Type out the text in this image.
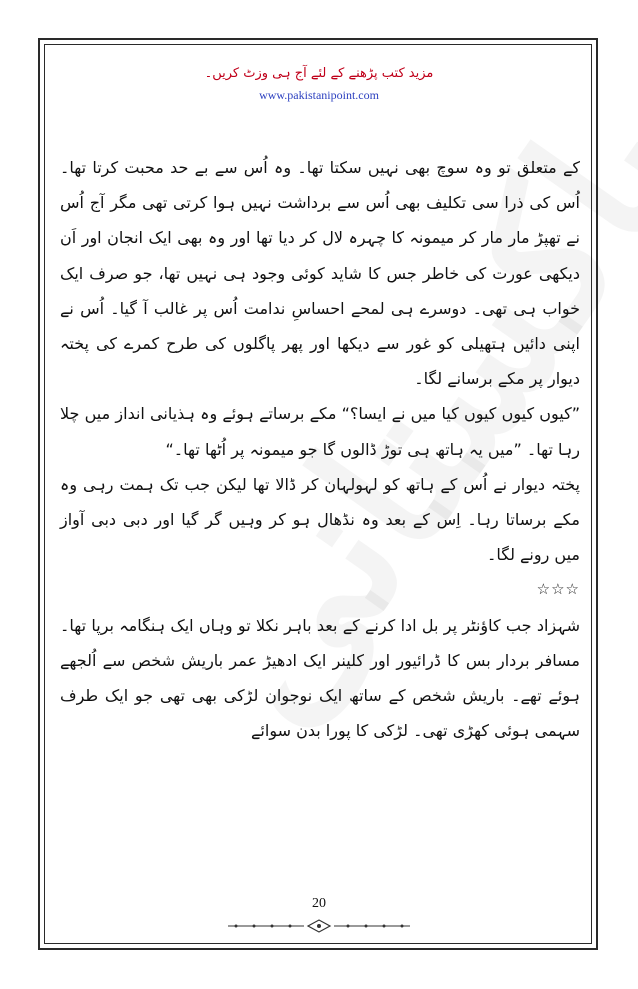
مزید کتب پڑھنے کے لئے آج ہی وزٹ کریں۔
www.pakistanipoint.com

کے متعلق تو وہ سوچ بھی نہیں سکتا تھا۔ وہ اُس سے بے حد محبت کرتا تھا۔ اُس کی ذرا سی تکلیف بھی اُس سے برداشت نہیں ہوا کرتی تھی مگر آج اُس نے تھپڑ مار مار کر میمونہ کا چہرہ لال کر دیا تھا اور وہ بھی ایک انجان اور اَن دیکھی عورت کی خاطر جس کا شاید کوئی وجود ہی نہیں تھا، جو صرف ایک خواب ہی تھی۔ دوسرے ہی لمحے احساسِ ندامت اُس پر غالب آ گیا۔ اُس نے اپنی دائیں ہتھیلی کو غور سے دیکھا اور پھر پاگلوں کی طرح کمرے کی پختہ دیوار پر مکے برسانے لگا۔

”کیوں کیوں کیوں کیا میں نے ایسا؟“ مکے برساتے ہوئے وہ ہذیانی انداز میں چلا رہا تھا۔ ”میں یہ ہاتھ ہی توڑ ڈالوں گا جو میمونہ پر اُٹھا تھا۔“

پختہ دیوار نے اُس کے ہاتھ کو لہولہان کر ڈالا تھا لیکن جب تک ہمت رہی وہ مکے برساتا رہا۔ اِس کے بعد وہ نڈھال ہو کر وہیں گر گیا اور دبی دبی آواز میں رونے لگا۔

☆☆☆

شہزاد جب کاؤنٹر پر بل ادا کرنے کے بعد باہر نکلا تو وہاں ایک ہنگامہ برپا تھا۔ مسافر بردار بس کا ڈرائیور اور کلینر ایک ادھیڑ عمر باریش شخص سے اُلجھے ہوئے تھے۔ باریش شخص کے ساتھ ایک نوجوان لڑکی بھی تھی جو ایک طرف سہمی ہوئی کھڑی تھی۔ لڑکی کا پورا بدن سوائے

20
